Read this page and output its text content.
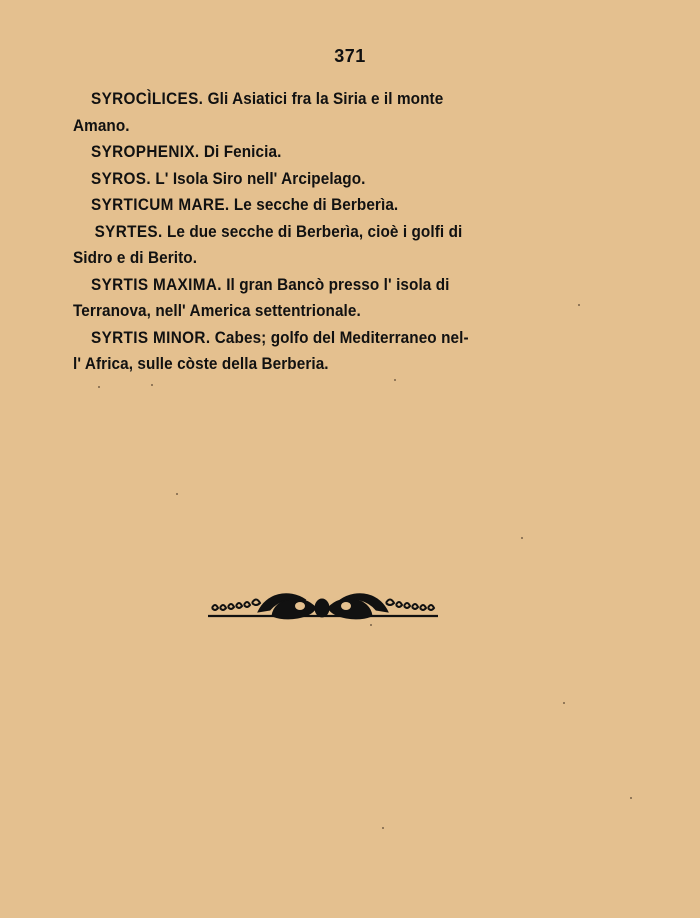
371
SYROCÌLICES. Gli Asiatici fra la Siria e il monte
Amano.
SYROPHENIX. Di Fenicia.
SYROS. L' Isola Siro nell' Arcipelago.
SYRTICUM MARE. Le secche di Berberìa.
SYRTES. Le due secche di Berberìa, cioè i golfi di
Sidro e di Berito.
SYRTIS MAXIMA. Il gran Bancò presso l' isola di
Terranova, nell' America settentrionale.
SYRTIS MINOR. Cabes; golfo del Mediterraneo nel-
l' Africa, sulle còste della Berberia.
